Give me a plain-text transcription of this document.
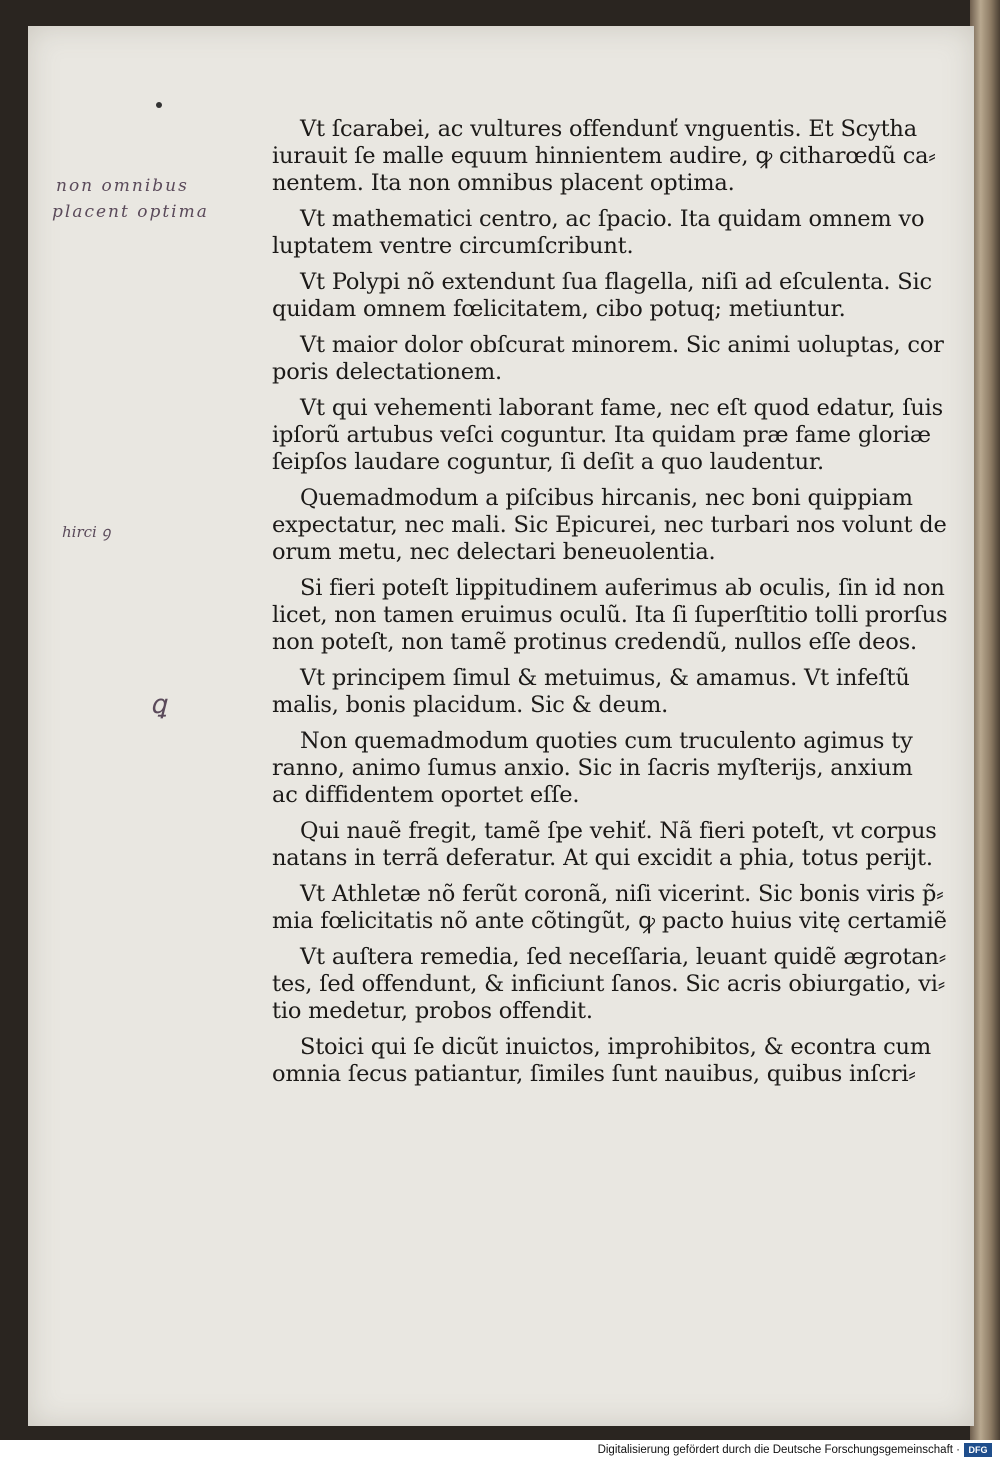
non omnibus
placent optima
hirci ꝯ
ꝗ
Vt ſcarabei, ac vultures offendunť vnguentis. Et Scytha
iurauit ſe malle equum hinnientem audire, ꝙ citharœdũ ca⸗
nentem. Ita non omnibus placent optima.
Vt mathematici centro, ac ſpacio. Ita quidam omnem vo
luptatem ventre circumſcribunt.
Vt Polypi nõ extendunt ſua flagella, niſi ad eſculenta. Sic
quidam omnem fœlicitatem, cibo potuq; metiuntur.
Vt maior dolor obſcurat minorem. Sic animi uoluptas, cor
poris delectationem.
Vt qui vehementi laborant fame, nec eſt quod edatur, ſuis
ipſorũ artubus veſci coguntur. Ita quidam præ fame gloriæ
ſeipſos laudare coguntur, ſi deſit a quo laudentur.
Quemadmodum a piſcibus hircanis, nec boni quippiam
expectatur, nec mali. Sic Epicurei, nec turbari nos volunt de
orum metu, nec delectari beneuolentia.
Si fieri poteſt lippitudinem auferimus ab oculis, ſin id non
licet, non tamen eruimus oculũ. Ita ſi ſuperſtitio tolli prorſus
non poteſt, non tamẽ protinus credendũ, nullos eſſe deos.
Vt principem ſimul & metuimus, & amamus. Vt infeſtũ
malis, bonis placidum. Sic & deum.
Non quemadmodum quoties cum truculento agimus ty
ranno, animo ſumus anxio. Sic in ſacris myſterijs, anxium
ac diffidentem oportet eſſe.
Qui nauẽ fregit, tamẽ ſpe vehiť. Nã fieri poteſt, vt corpus
natans in terrã deferatur. At qui excidit a phia, totus perijt.
Vt Athletæ nõ ferũt coronã, niſi vicerint. Sic bonis viris p̃⸗
mia fœlicitatis nõ ante cõtingũt, ꝙ pacto huius vitę certamiẽ
Vt auſtera remedia, ſed neceſſaria, leuant quidẽ ægrotan⸗
tes, ſed offendunt, & inficiunt ſanos. Sic acris obiurgatio, vi⸗
tio medetur, probos offendit.
Stoici qui ſe dicũt inuictos, improhibitos, & econtra cum
omnia ſecus patiantur, ſimiles ſunt nauibus, quibus inſcri⸗
Digitalisierung gefördert durch die Deutsche Forschungsgemeinschaft · DFG
